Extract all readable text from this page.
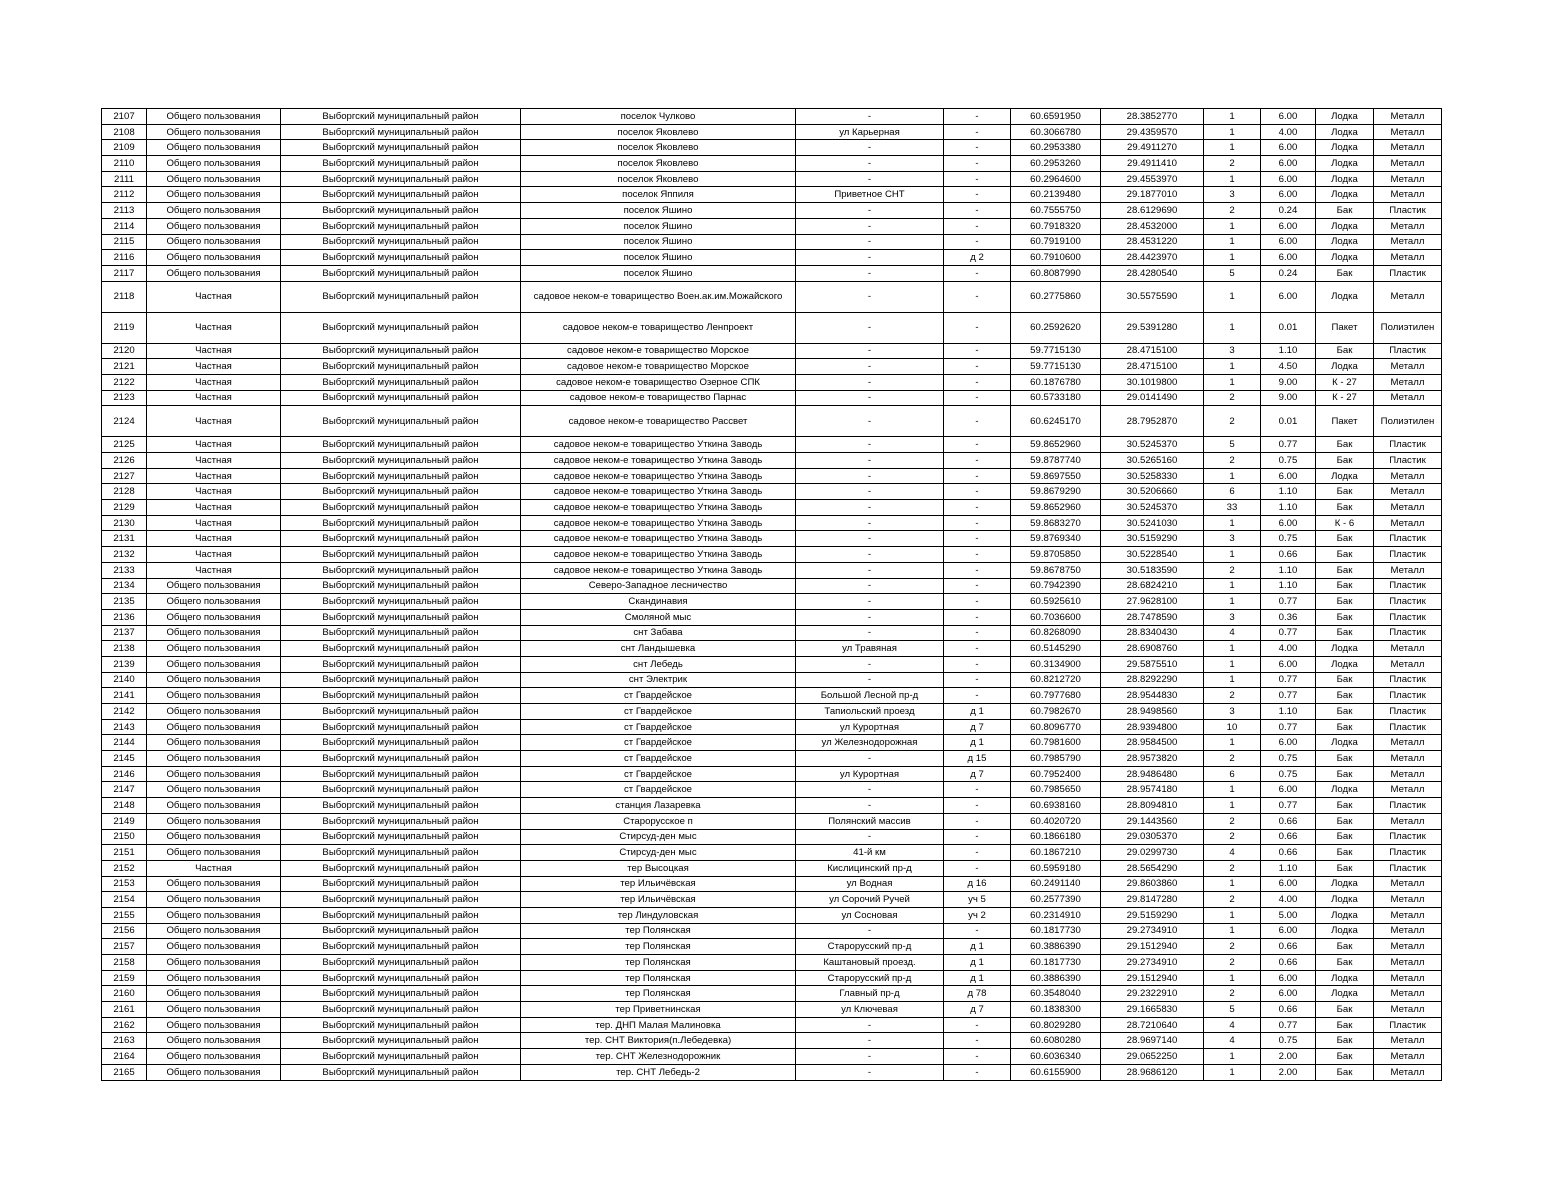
2107	Общего пользования	Выборгский муниципальный район	поселок Чулково	-	-	60.6591950	28.3852770	1	6.00	Лодка	Металл
2108	Общего пользования	Выборгский муниципальный район	поселок Яковлево	ул Карьерная	-	60.3066780	29.4359570	1	4.00	Лодка	Металл
2109	Общего пользования	Выборгский муниципальный район	поселок Яковлево	-	-	60.2953380	29.4911270	1	6.00	Лодка	Металл
2110	Общего пользования	Выборгский муниципальный район	поселок Яковлево	-	-	60.2953260	29.4911410	2	6.00	Лодка	Металл
2111	Общего пользования	Выборгский муниципальный район	поселок Яковлево	-	-	60.2964600	29.4553970	1	6.00	Лодка	Металл
2112	Общего пользования	Выборгский муниципальный район	поселок Яппиля	Приветное СНТ	-	60.2139480	29.1877010	3	6.00	Лодка	Металл
2113	Общего пользования	Выборгский муниципальный район	поселок Яшино	-	-	60.7555750	28.6129690	2	0.24	Бак	Пластик
2114	Общего пользования	Выборгский муниципальный район	поселок Яшино	-	-	60.7918320	28.4532000	1	6.00	Лодка	Металл
2115	Общего пользования	Выборгский муниципальный район	поселок Яшино	-	-	60.7919100	28.4531220	1	6.00	Лодка	Металл
2116	Общего пользования	Выборгский муниципальный район	поселок Яшино	-	д 2	60.7910600	28.4423970	1	6.00	Лодка	Металл
2117	Общего пользования	Выборгский муниципальный район	поселок Яшино	-	-	60.8087990	28.4280540	5	0.24	Бак	Пластик
2118	Частная	Выборгский муниципальный район	садовое неком-е товарищество Воен.ак.им.Можайского	-	-	60.2775860	30.5575590	1	6.00	Лодка	Металл
2119	Частная	Выборгский муниципальный район	садовое неком-е товарищество Ленпроект	-	-	60.2592620	29.5391280	1	0.01	Пакет	Полиэтилен
2120	Частная	Выборгский муниципальный район	садовое неком-е товарищество Морское	-	-	59.7715130	28.4715100	3	1.10	Бак	Пластик
2121	Частная	Выборгский муниципальный район	садовое неком-е товарищество Морское	-	-	59.7715130	28.4715100	1	4.50	Лодка	Металл
2122	Частная	Выборгский муниципальный район	садовое неком-е товарищество Озерное СПК	-	-	60.1876780	30.1019800	1	9.00	К - 27	Металл
2123	Частная	Выборгский муниципальный район	садовое неком-е товарищество Парнас	-	-	60.5733180	29.0141490	2	9.00	К - 27	Металл
2124	Частная	Выборгский муниципальный район	садовое неком-е товарищество Рассвет	-	-	60.6245170	28.7952870	2	0.01	Пакет	Полиэтилен
2125	Частная	Выборгский муниципальный район	садовое неком-е товарищество Уткина Заводь	-	-	59.8652960	30.5245370	5	0.77	Бак	Пластик
2126	Частная	Выборгский муниципальный район	садовое неком-е товарищество Уткина Заводь	-	-	59.8787740	30.5265160	2	0.75	Бак	Пластик
2127	Частная	Выборгский муниципальный район	садовое неком-е товарищество Уткина Заводь	-	-	59.8697550	30.5258330	1	6.00	Лодка	Металл
2128	Частная	Выборгский муниципальный район	садовое неком-е товарищество Уткина Заводь	-	-	59.8679290	30.5206660	6	1.10	Бак	Металл
2129	Частная	Выборгский муниципальный район	садовое неком-е товарищество Уткина Заводь	-	-	59.8652960	30.5245370	33	1.10	Бак	Металл
2130	Частная	Выборгский муниципальный район	садовое неком-е товарищество Уткина Заводь	-	-	59.8683270	30.5241030	1	6.00	К - 6	Металл
2131	Частная	Выборгский муниципальный район	садовое неком-е товарищество Уткина Заводь	-	-	59.8769340	30.5159290	3	0.75	Бак	Пластик
2132	Частная	Выборгский муниципальный район	садовое неком-е товарищество Уткина Заводь	-	-	59.8705850	30.5228540	1	0.66	Бак	Пластик
2133	Частная	Выборгский муниципальный район	садовое неком-е товарищество Уткина Заводь	-	-	59.8678750	30.5183590	2	1.10	Бак	Металл
2134	Общего пользования	Выборгский муниципальный район	Северо-Западное лесничество	-	-	60.7942390	28.6824210	1	1.10	Бак	Пластик
2135	Общего пользования	Выборгский муниципальный район	Скандинавия	-	-	60.5925610	27.9628100	1	0.77	Бак	Пластик
2136	Общего пользования	Выборгский муниципальный район	Смоляной мыс	-	-	60.7036600	28.7478590	3	0.36	Бак	Пластик
2137	Общего пользования	Выборгский муниципальный район	снт Забава	-	-	60.8268090	28.8340430	4	0.77	Бак	Пластик
2138	Общего пользования	Выборгский муниципальный район	снт Ландышевка	ул Травяная	-	60.5145290	28.6908760	1	4.00	Лодка	Металл
2139	Общего пользования	Выборгский муниципальный район	снт Лебедь	-	-	60.3134900	29.5875510	1	6.00	Лодка	Металл
2140	Общего пользования	Выборгский муниципальный район	снт Электрик	-	-	60.8212720	28.8292290	1	0.77	Бак	Пластик
2141	Общего пользования	Выборгский муниципальный район	ст Гвардейское	Большой Лесной пр-д	-	60.7977680	28.9544830	2	0.77	Бак	Пластик
2142	Общего пользования	Выборгский муниципальный район	ст Гвардейское	Тапиольский проезд	д 1	60.7982670	28.9498560	3	1.10	Бак	Пластик
2143	Общего пользования	Выборгский муниципальный район	ст Гвардейское	ул Курортная	д 7	60.8096770	28.9394800	10	0.77	Бак	Пластик
2144	Общего пользования	Выборгский муниципальный район	ст Гвардейское	ул Железнодорожная	д 1	60.7981600	28.9584500	1	6.00	Лодка	Металл
2145	Общего пользования	Выборгский муниципальный район	ст Гвардейское	-	д 15	60.7985790	28.9573820	2	0.75	Бак	Металл
2146	Общего пользования	Выборгский муниципальный район	ст Гвардейское	ул Курортная	д 7	60.7952400	28.9486480	6	0.75	Бак	Металл
2147	Общего пользования	Выборгский муниципальный район	ст Гвардейское	-	-	60.7985650	28.9574180	1	6.00	Лодка	Металл
2148	Общего пользования	Выборгский муниципальный район	станция Лазаревка	-	-	60.6938160	28.8094810	1	0.77	Бак	Пластик
2149	Общего пользования	Выборгский муниципальный район	Старорусское п	Полянский массив	-	60.4020720	29.1443560	2	0.66	Бак	Металл
2150	Общего пользования	Выборгский муниципальный район	Стирсуд-ден мыс	-	-	60.1866180	29.0305370	2	0.66	Бак	Пластик
2151	Общего пользования	Выборгский муниципальный район	Стирсуд-ден мыс	41-й км	-	60.1867210	29.0299730	4	0.66	Бак	Пластик
2152	Частная	Выборгский муниципальный район	тер Высоцкая	Кислицинский пр-д	-	60.5959180	28.5654290	2	1.10	Бак	Пластик
2153	Общего пользования	Выборгский муниципальный район	тер Ильичёвская	ул Водная	д 16	60.2491140	29.8603860	1	6.00	Лодка	Металл
2154	Общего пользования	Выборгский муниципальный район	тер Ильичёвская	ул Сорочий Ручей	уч 5	60.2577390	29.8147280	2	4.00	Лодка	Металл
2155	Общего пользования	Выборгский муниципальный район	тер Линдуловская	ул Сосновая	уч 2	60.2314910	29.5159290	1	5.00	Лодка	Металл
2156	Общего пользования	Выборгский муниципальный район	тер Полянская	-	-	60.1817730	29.2734910	1	6.00	Лодка	Металл
2157	Общего пользования	Выборгский муниципальный район	тер Полянская	Старорусский пр-д	д 1	60.3886390	29.1512940	2	0.66	Бак	Металл
2158	Общего пользования	Выборгский муниципальный район	тер Полянская	Каштановый проезд.	д 1	60.1817730	29.2734910	2	0.66	Бак	Металл
2159	Общего пользования	Выборгский муниципальный район	тер Полянская	Старорусский пр-д	д 1	60.3886390	29.1512940	1	6.00	Лодка	Металл
2160	Общего пользования	Выборгский муниципальный район	тер Полянская	Главный пр-д	д 78	60.3548040	29.2322910	2	6.00	Лодка	Металл
2161	Общего пользования	Выборгский муниципальный район	тер Приветнинская	ул Ключевая	д 7	60.1838300	29.1665830	5	0.66	Бак	Металл
2162	Общего пользования	Выборгский муниципальный район	тер. ДНП Малая Малиновка	-	-	60.8029280	28.7210640	4	0.77	Бак	Пластик
2163	Общего пользования	Выборгский муниципальный район	тер. СНТ Виктория(п.Лебедевка)	-	-	60.6080280	28.9697140	4	0.75	Бак	Металл
2164	Общего пользования	Выборгский муниципальный район	тер. СНТ Железнодорожник	-	-	60.6036340	29.0652250	1	2.00	Бак	Металл
2165	Общего пользования	Выборгский муниципальный район	тер. СНТ Лебедь-2	-	-	60.6155900	28.9686120	1	2.00	Бак	Металл
